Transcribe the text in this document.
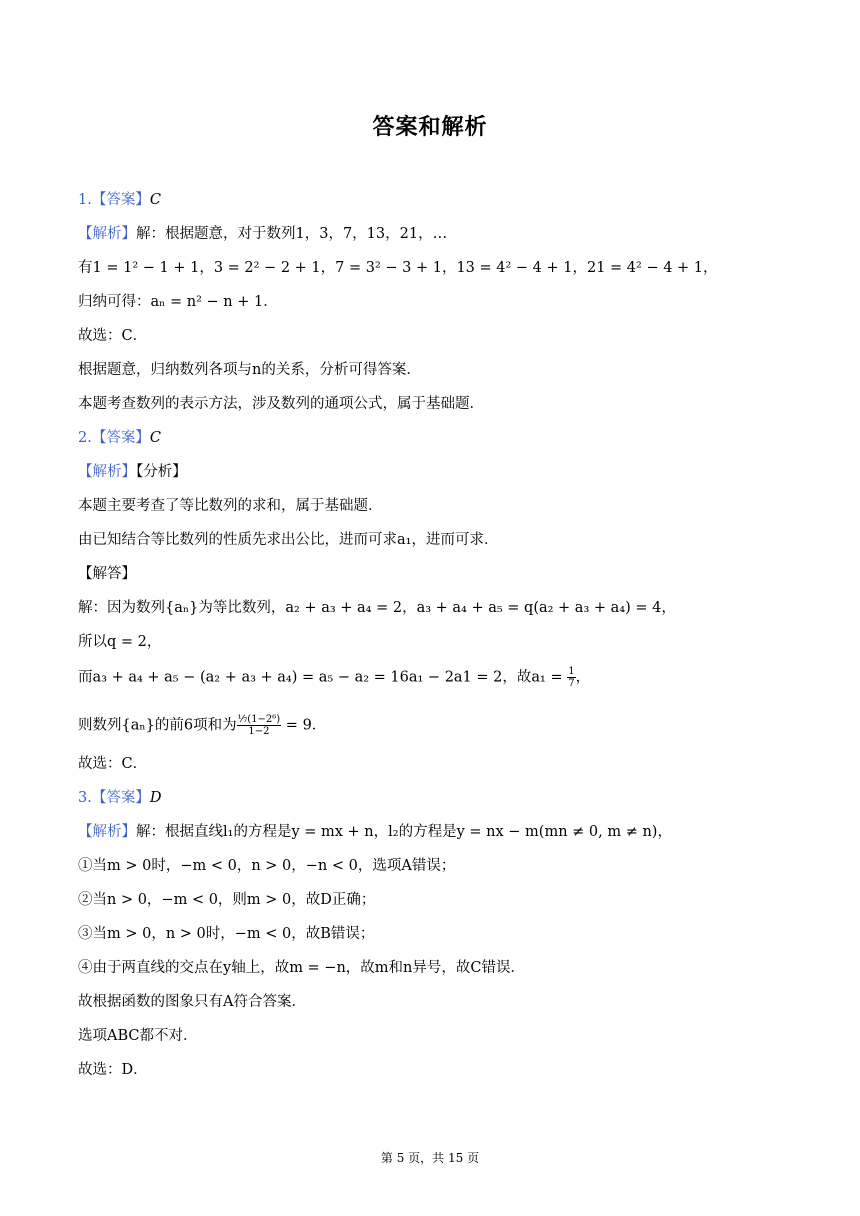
答案和解析
1.【答案】C
【解析】解：根据题意，对于数列1，3，7，13，21，…
有1 = 1² − 1 + 1，3 = 2² − 2 + 1，7 = 3² − 3 + 1，13 = 4² − 4 + 1，21 = 4² − 4 + 1，
归纳可得：aₙ = n² − n + 1．
故选：C．
根据题意，归纳数列各项与n的关系，分析可得答案．
本题考查数列的表示方法，涉及数列的通项公式，属于基础题．
2.【答案】C
【解析】【分析】
本题主要考查了等比数列的求和，属于基础题．
由已知结合等比数列的性质先求出公比，进而可求a₁，进而可求．
【解答】
解：因为数列{aₙ}为等比数列，a₂ + a₃ + a₄ = 2，a₃ + a₄ + a₅ = q(a₂ + a₃ + a₄) = 4，
所以q = 2，
而a₃ + a₄ + a₅ − (a₂ + a₃ + a₄) = a₅ − a₂ = 16a₁ − 2a1 = 2，故$a_1 = \frac{1}{7}$ ，
则数列{aₙ}的前6项和为 $\frac{\text{⅐(1−2⁶)}}{1-2} = 9$．
故选：C．
3.【答案】D
【解析】解：根据直线l₁的方程是y = mx + n，l₂的方程是y = nx − m(mn ≠ 0, m ≠ n)，
①当m > 0时，−m < 0，n > 0，−n < 0，选项A错误；
②当n > 0，−m < 0，则m > 0，故D正确；
③当m > 0，n > 0时，−m < 0，故B错误；
④由于两直线的交点在y轴上，故m = −n，故m和n异号，故C错误．
故根据函数的图象只有A符合答案．
选项ABC都不对．
故选：D．
第 5 页，共 15 页
